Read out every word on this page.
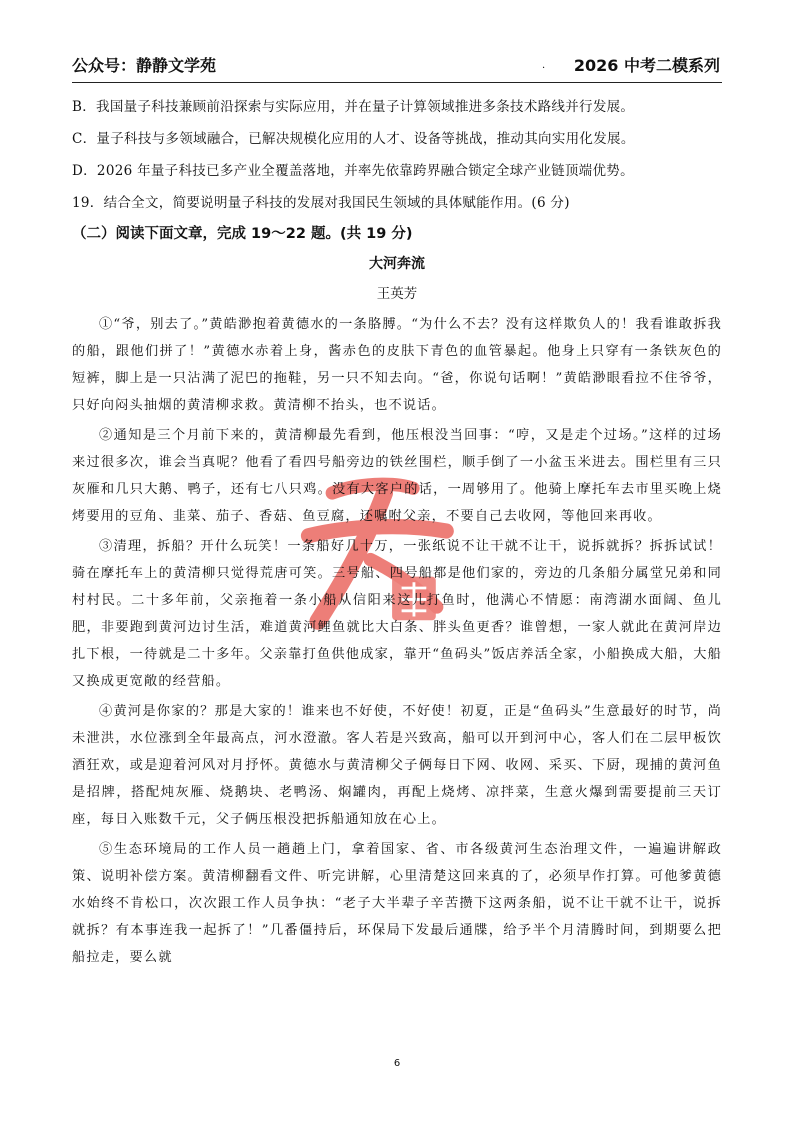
公众号：静静文学苑	· 2026 中考二模系列

B．我国量子科技兼顾前沿探索与实际应用，并在量子计算领域推进多条技术路线并行发展。

C．量子科技与多领域融合，已解决规模化应用的人才、设备等挑战，推动其向实用化发展。

D．2026 年量子科技已多产业全覆盖落地，并率先依靠跨界融合锁定全球产业链顶端优势。

19．结合全文，简要说明量子科技的发展对我国民生领域的具体赋能作用。(6 分)

（二）阅读下面文章，完成 19～22 题。(共 19 分)

大河奔流

王英芳

①“爷，别去了。”黄皓渺抱着黄德水的一条胳膊。“为什么不去？没有这样欺负人的！我看谁敢拆我的船，跟他们拼了！”黄德水赤着上身，酱赤色的皮肤下青色的血管暴起。他身上只穿有一条铁灰色的短裤，脚上是一只沾满了泥巴的拖鞋，另一只不知去向。“爸，你说句话啊！”黄皓渺眼看拉不住爷爷，只好向闷头抽烟的黄清柳求救。黄清柳不抬头，也不说话。

②通知是三个月前下来的，黄清柳最先看到，他压根没当回事：“哼，又是走个过场。”这样的过场来过很多次，谁会当真呢？他看了看四号船旁边的铁丝围栏，顺手倒了一小盆玉米进去。围栏里有三只灰雁和几只大鹅、鸭子，还有七八只鸡。没有大客户的话，一周够用了。他骑上摩托车去市里买晚上烧烤要用的豆角、韭菜、茄子、香菇、鱼豆腐，还嘱咐父亲，不要自己去收网，等他回来再收。

③清理，拆船？开什么玩笑！一条船好几十万，一张纸说不让干就不让干，说拆就拆？拆拆试试！骑在摩托车上的黄清柳只觉得荒唐可笑。三号船、四号船都是他们家的，旁边的几条船分属堂兄弟和同村村民。二十多年前，父亲拖着一条小船从信阳来这儿打鱼时，他满心不情愿：南湾湖水面阔、鱼儿肥，非要跑到黄河边讨生活，难道黄河鲤鱼就比大白条、胖头鱼更香？谁曾想，一家人就此在黄河岸边扎下根，一待就是二十多年。父亲靠打鱼供他成家，靠开“鱼码头”饭店养活全家，小船换成大船，大船又换成更宽敞的经营船。

④黄河是你家的？那是大家的！谁来也不好使，不好使！初夏，正是“鱼码头”生意最好的时节，尚未泄洪，水位涨到全年最高点，河水澄澈。客人若是兴致高，船可以开到河中心，客人们在二层甲板饮酒狂欢，或是迎着河风对月抒怀。黄德水与黄清柳父子俩每日下网、收网、采买、下厨，现捕的黄河鱼是招牌，搭配炖灰雁、烧鹅块、老鸭汤、焖罐肉，再配上烧烤、凉拌菜，生意火爆到需要提前三天订座，每日入账数千元，父子俩压根没把拆船通知放在心上。

⑤生态环境局的工作人员一趟趟上门，拿着国家、省、市各级黄河生态治理文件，一遍遍讲解政策、说明补偿方案。黄清柳翻看文件、听完讲解，心里清楚这回来真的了，必须早作打算。可他爹黄德水始终不肯松口，次次跟工作人员争执：“老子大半辈子辛苦攒下这两条船，说不让干就不让干，说拆就拆？有本事连我一起拆了！”几番僵持后，环保局下发最后通牒，给予半个月清腾时间，到期要么把船拉走，要么就

6
